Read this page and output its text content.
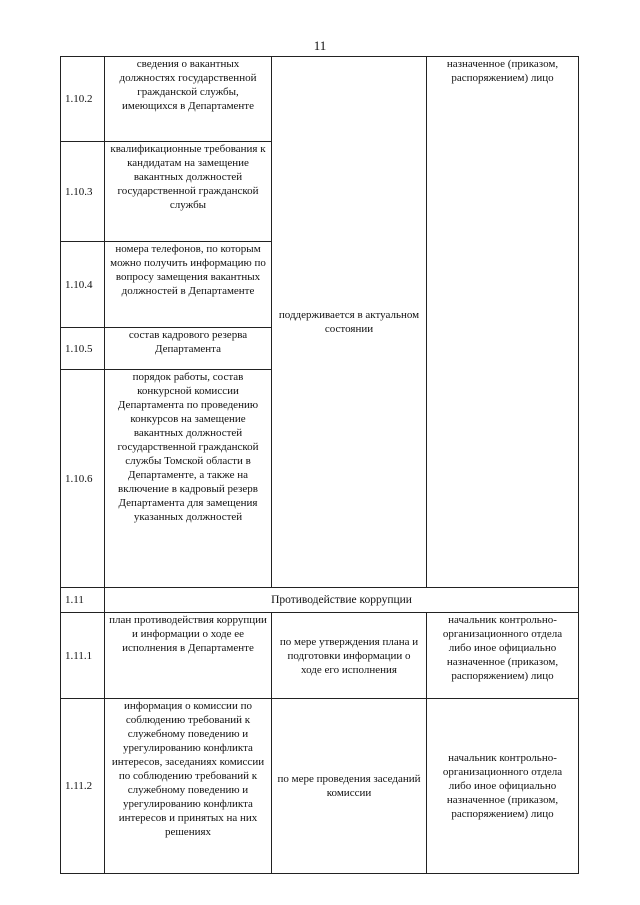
11
1.10.2	сведения о вакантных должностях государственной гражданской службы, имеющихся в Департаменте	поддерживается в актуальном состоянии	назначенное (приказом, распоряжением) лицо
1.10.3	квалификационные требования к кандидатам на замещение вакантных должностей государственной гражданской службы		
1.10.4	номера телефонов, по которым можно получить информацию по вопросу замещения вакантных должностей в Департаменте		
1.10.5	состав кадрового резерва Департамента		
1.10.6	порядок работы, состав конкурсной комиссии Департамента по проведению конкурсов на замещение вакантных должностей государственной гражданской службы Томской области в Департаменте, а также на включение в кадровый резерв Департамента для замещения указанных должностей		
1.11	Противодействие коррупции		
1.11.1	план противодействия коррупции и информации о ходе ее исполнения в Департаменте	по мере утверждения плана и подготовки информации о ходе его исполнения	начальник контрольно-организационного отдела либо иное официально назначенное (приказом, распоряжением) лицо
1.11.2	информация о комиссии по соблюдению требований к служебному поведению и урегулированию конфликта интересов, заседаниях комиссии по соблюдению требований к служебному поведению и урегулированию конфликта интересов и принятых на них решениях	по мере проведения заседаний комиссии	начальник контрольно-организационного отдела либо иное официально назначенное (приказом, распоряжением) лицо
